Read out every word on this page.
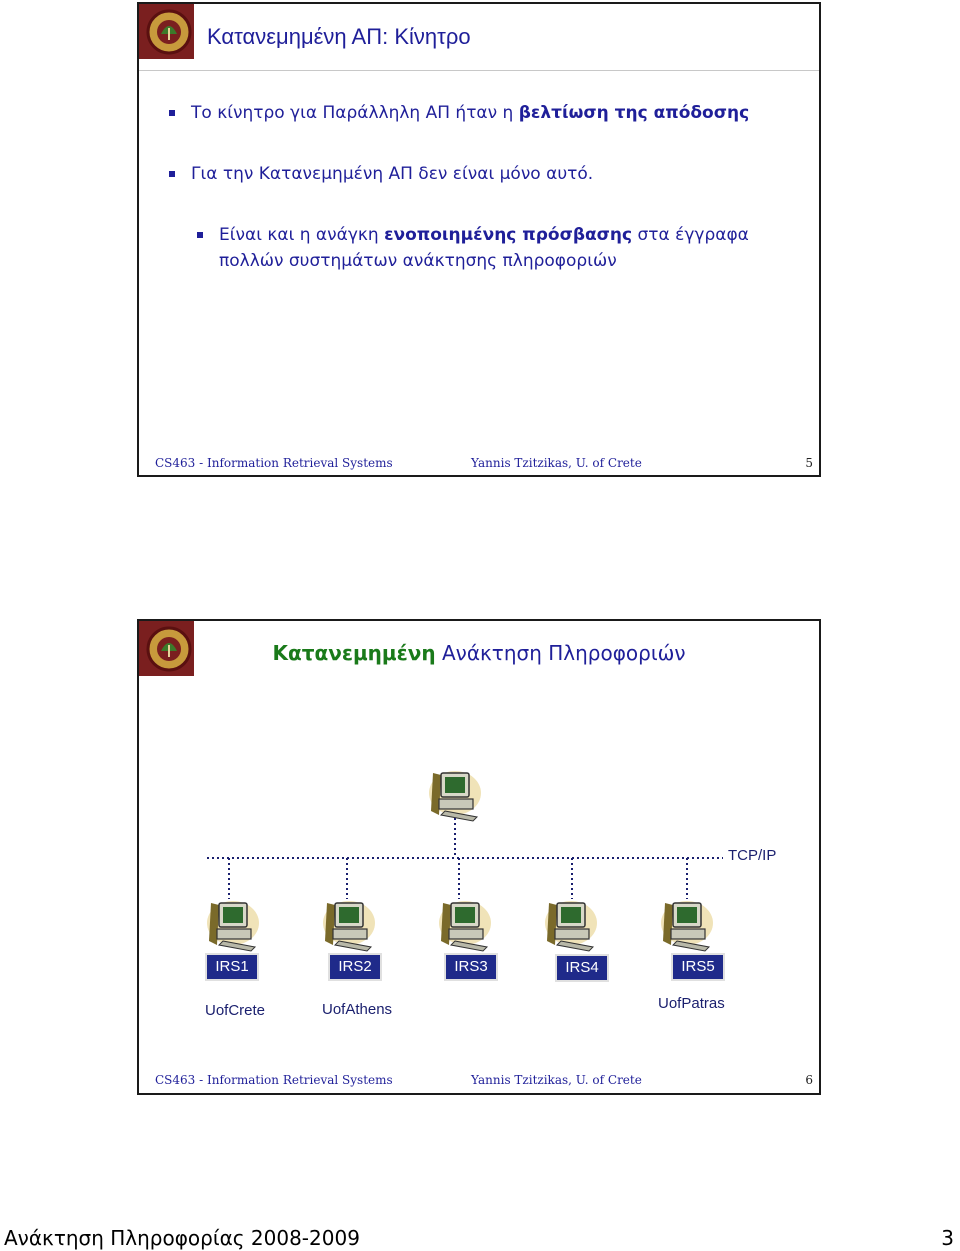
Κατανεμημένη ΑΠ: Κίνητρο
Το κίνητρο για Παράλληλη ΑΠ ήταν η βελτίωση της απόδοσης
Για την Κατανεμημένη ΑΠ δεν είναι μόνο αυτό.
Είναι και η ανάγκη ενοποιημένης πρόσβασης στα έγγραφα
πολλών συστημάτων ανάκτησης πληροφοριών
CS463 - Information Retrieval Systems	Yannis Tzitzikas, U. of Crete	5
Κατανεμημένη Ανάκτηση Πληροφοριών
TCP/IP
IRS1	IRS2	IRS3	IRS4	IRS5
UofCrete	UofAthens	UofPatras
CS463 - Information Retrieval Systems	Yannis Tzitzikas, U. of Crete	6
Ανάκτηση Πληροφορίας 2008-2009	3
